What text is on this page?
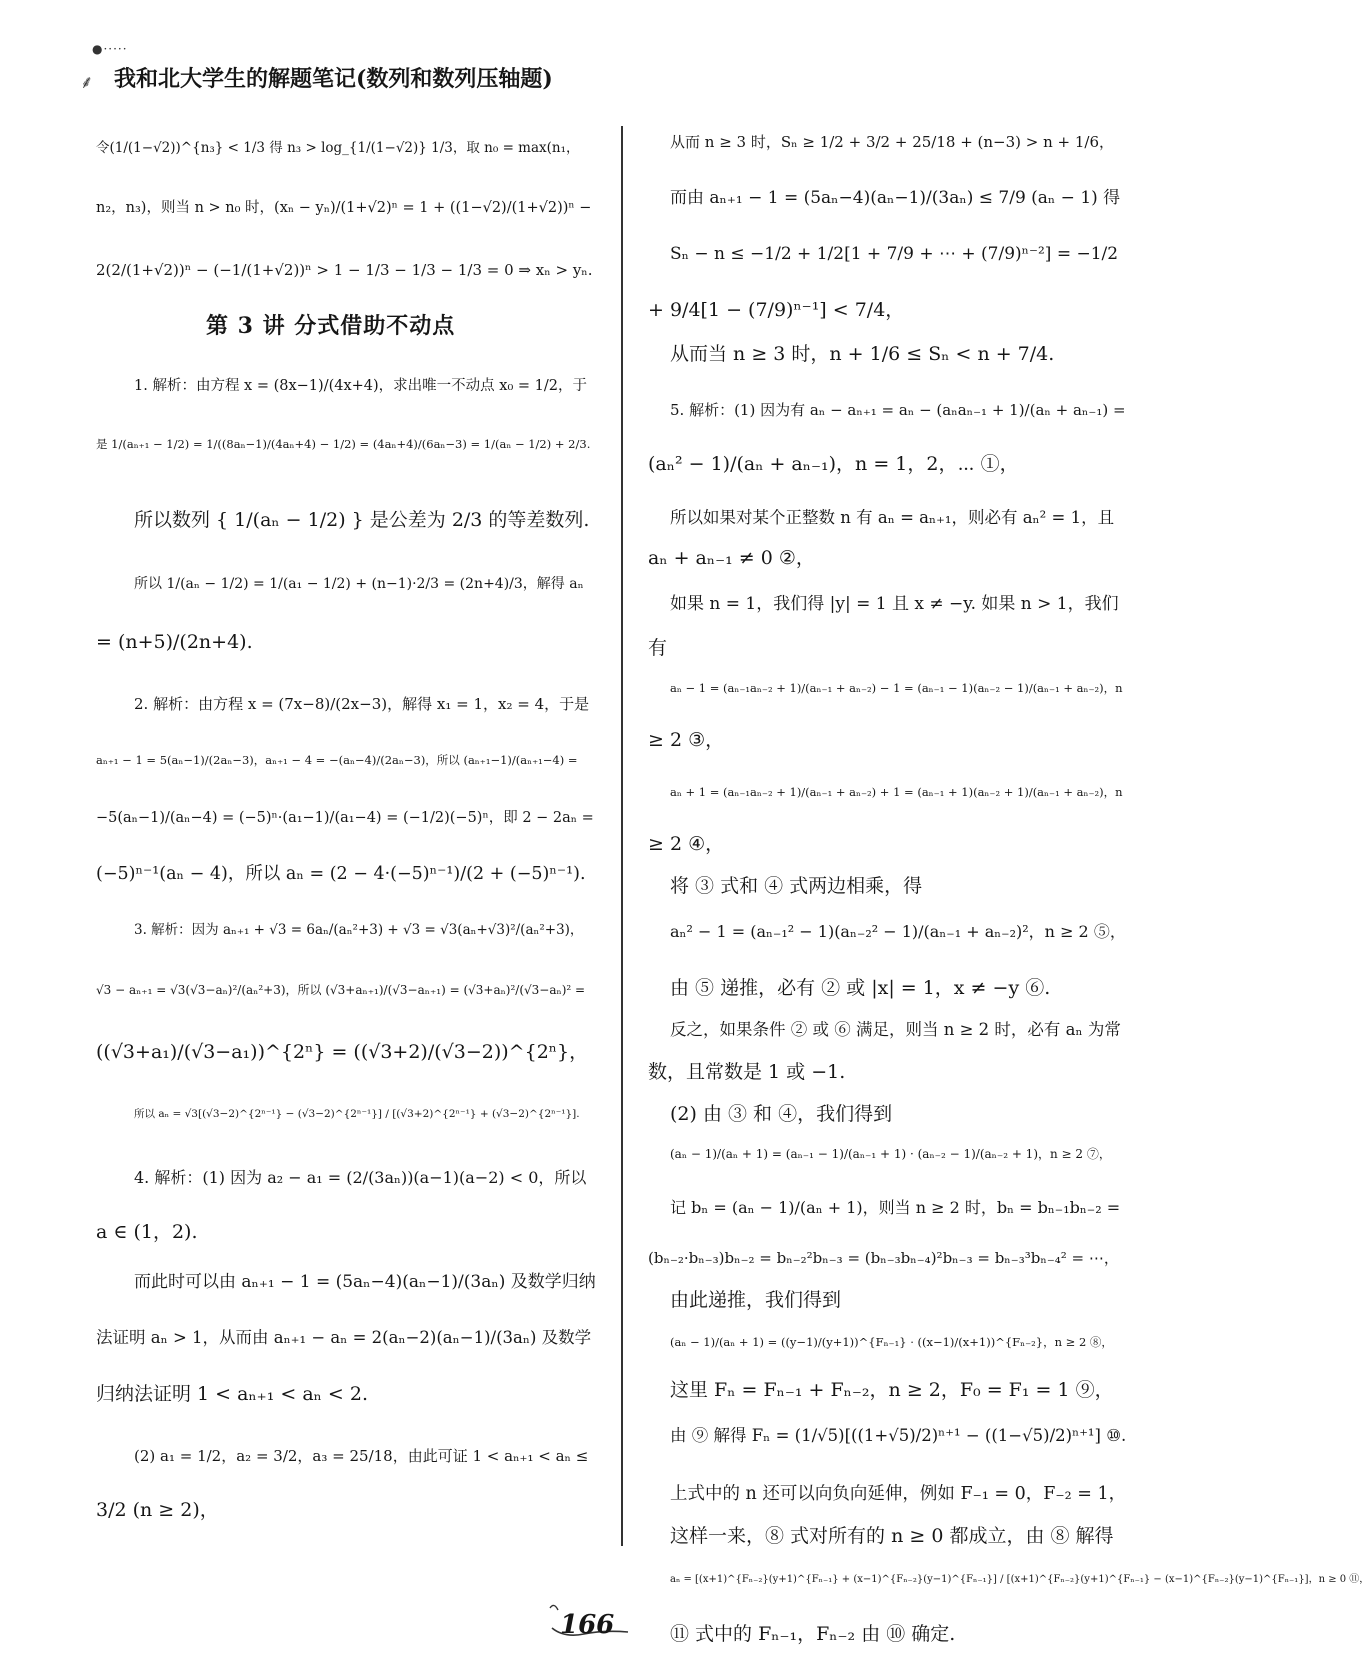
●·····
⸙ 我和北大学生的解题笔记(数列和数列压轴题)
令(1/(1−√2))^{n₃} < 1/3 得 n₃ > log_{1/(1−√2)} 1/3，取 n₀ = max(n₁，
n₂，n₃)，则当 n > n₀ 时，(xₙ − yₙ)/(1+√2)ⁿ = 1 + ((1−√2)/(1+√2))ⁿ −
2(2/(1+√2))ⁿ − (−1/(1+√2))ⁿ > 1 − 1/3 − 1/3 − 1/3 = 0 ⇒ xₙ > yₙ.
第 3 讲 分式借助不动点
1. 解析：由方程 x = (8x−1)/(4x+4)，求出唯一不动点 x₀ = 1/2，于
是 1/(aₙ₊₁ − 1/2) = 1/((8aₙ−1)/(4aₙ+4) − 1/2) = (4aₙ+4)/(6aₙ−3) = 1/(aₙ − 1/2) + 2/3.
所以数列 { 1/(aₙ − 1/2) } 是公差为 2/3 的等差数列.
所以 1/(aₙ − 1/2) = 1/(a₁ − 1/2) + (n−1)·2/3 = (2n+4)/3，解得 aₙ
= (n+5)/(2n+4).
2. 解析：由方程 x = (7x−8)/(2x−3)，解得 x₁ = 1，x₂ = 4，于是
aₙ₊₁ − 1 = 5(aₙ−1)/(2aₙ−3)，aₙ₊₁ − 4 = −(aₙ−4)/(2aₙ−3)，所以 (aₙ₊₁−1)/(aₙ₊₁−4) =
−5(aₙ−1)/(aₙ−4) = (−5)ⁿ·(a₁−1)/(a₁−4) = (−1/2)(−5)ⁿ，即 2 − 2aₙ =
(−5)ⁿ⁻¹(aₙ − 4)，所以 aₙ = (2 − 4·(−5)ⁿ⁻¹)/(2 + (−5)ⁿ⁻¹).
3. 解析：因为 aₙ₊₁ + √3 = 6aₙ/(aₙ²+3) + √3 = √3(aₙ+√3)²/(aₙ²+3)，
√3 − aₙ₊₁ = √3(√3−aₙ)²/(aₙ²+3)，所以 (√3+aₙ₊₁)/(√3−aₙ₊₁) = (√3+aₙ)²/(√3−aₙ)² =
((√3+a₁)/(√3−a₁))^{2ⁿ} = ((√3+2)/(√3−2))^{2ⁿ}，
所以 aₙ = √3[(√3−2)^{2ⁿ⁻¹} − (√3−2)^{2ⁿ⁻¹}] / [(√3+2)^{2ⁿ⁻¹} + (√3−2)^{2ⁿ⁻¹}].
4. 解析：(1) 因为 a₂ − a₁ = (2/(3aₙ))(a−1)(a−2) < 0，所以
a ∈ (1，2).
而此时可以由 aₙ₊₁ − 1 = (5aₙ−4)(aₙ−1)/(3aₙ) 及数学归纳
法证明 aₙ > 1，从而由 aₙ₊₁ − aₙ = 2(aₙ−2)(aₙ−1)/(3aₙ) 及数学
归纳法证明 1 < aₙ₊₁ < aₙ < 2.
(2) a₁ = 1/2，a₂ = 3/2，a₃ = 25/18，由此可证 1 < aₙ₊₁ < aₙ ≤
3/2 (n ≥ 2)，
从而 n ≥ 3 时，Sₙ ≥ 1/2 + 3/2 + 25/18 + (n−3) > n + 1/6，
而由 aₙ₊₁ − 1 = (5aₙ−4)(aₙ−1)/(3aₙ) ≤ 7/9 (aₙ − 1) 得
Sₙ − n ≤ −1/2 + 1/2[1 + 7/9 + ⋯ + (7/9)ⁿ⁻²] = −1/2
+ 9/4[1 − (7/9)ⁿ⁻¹] < 7/4，
从而当 n ≥ 3 时，n + 1/6 ≤ Sₙ < n + 7/4.
5. 解析：(1) 因为有 aₙ − aₙ₊₁ = aₙ − (aₙaₙ₋₁ + 1)/(aₙ + aₙ₋₁) =
(aₙ² − 1)/(aₙ + aₙ₋₁)，n = 1，2，⋯ ①，
所以如果对某个正整数 n 有 aₙ = aₙ₊₁，则必有 aₙ² = 1，且
aₙ + aₙ₋₁ ≠ 0 ②，
如果 n = 1，我们得 |y| = 1 且 x ≠ −y. 如果 n > 1，我们
有
aₙ − 1 = (aₙ₋₁aₙ₋₂ + 1)/(aₙ₋₁ + aₙ₋₂) − 1 = (aₙ₋₁ − 1)(aₙ₋₂ − 1)/(aₙ₋₁ + aₙ₋₂)，n
≥ 2 ③，
aₙ + 1 = (aₙ₋₁aₙ₋₂ + 1)/(aₙ₋₁ + aₙ₋₂) + 1 = (aₙ₋₁ + 1)(aₙ₋₂ + 1)/(aₙ₋₁ + aₙ₋₂)，n
≥ 2 ④，
将 ③ 式和 ④ 式两边相乘，得
aₙ² − 1 = (aₙ₋₁² − 1)(aₙ₋₂² − 1)/(aₙ₋₁ + aₙ₋₂)²，n ≥ 2 ⑤，
由 ⑤ 递推，必有 ② 或 |x| = 1，x ≠ −y ⑥.
反之，如果条件 ② 或 ⑥ 满足，则当 n ≥ 2 时，必有 aₙ 为常
数，且常数是 1 或 −1.
(2) 由 ③ 和 ④，我们得到
(aₙ − 1)/(aₙ + 1) = (aₙ₋₁ − 1)/(aₙ₋₁ + 1) · (aₙ₋₂ − 1)/(aₙ₋₂ + 1)，n ≥ 2 ⑦，
记 bₙ = (aₙ − 1)/(aₙ + 1)，则当 n ≥ 2 时，bₙ = bₙ₋₁bₙ₋₂ =
(bₙ₋₂·bₙ₋₃)bₙ₋₂ = bₙ₋₂²bₙ₋₃ = (bₙ₋₃bₙ₋₄)²bₙ₋₃ = bₙ₋₃³bₙ₋₄² = ⋯，
由此递推，我们得到
(aₙ − 1)/(aₙ + 1) = ((y−1)/(y+1))^{Fₙ₋₁} · ((x−1)/(x+1))^{Fₙ₋₂}，n ≥ 2 ⑧，
这里 Fₙ = Fₙ₋₁ + Fₙ₋₂，n ≥ 2，F₀ = F₁ = 1 ⑨，
由 ⑨ 解得 Fₙ = (1/√5)[((1+√5)/2)ⁿ⁺¹ − ((1−√5)/2)ⁿ⁺¹] ⑩.
上式中的 n 还可以向负向延伸，例如 F₋₁ = 0，F₋₂ = 1，
这样一来，⑧ 式对所有的 n ≥ 0 都成立，由 ⑧ 解得
aₙ = [(x+1)^{Fₙ₋₂}(y+1)^{Fₙ₋₁} + (x−1)^{Fₙ₋₂}(y−1)^{Fₙ₋₁}] / [(x+1)^{Fₙ₋₂}(y+1)^{Fₙ₋₁} − (x−1)^{Fₙ₋₂}(y−1)^{Fₙ₋₁}]，n ≥ 0 ⑪，
⑪ 式中的 Fₙ₋₁，Fₙ₋₂ 由 ⑩ 确定.
166
